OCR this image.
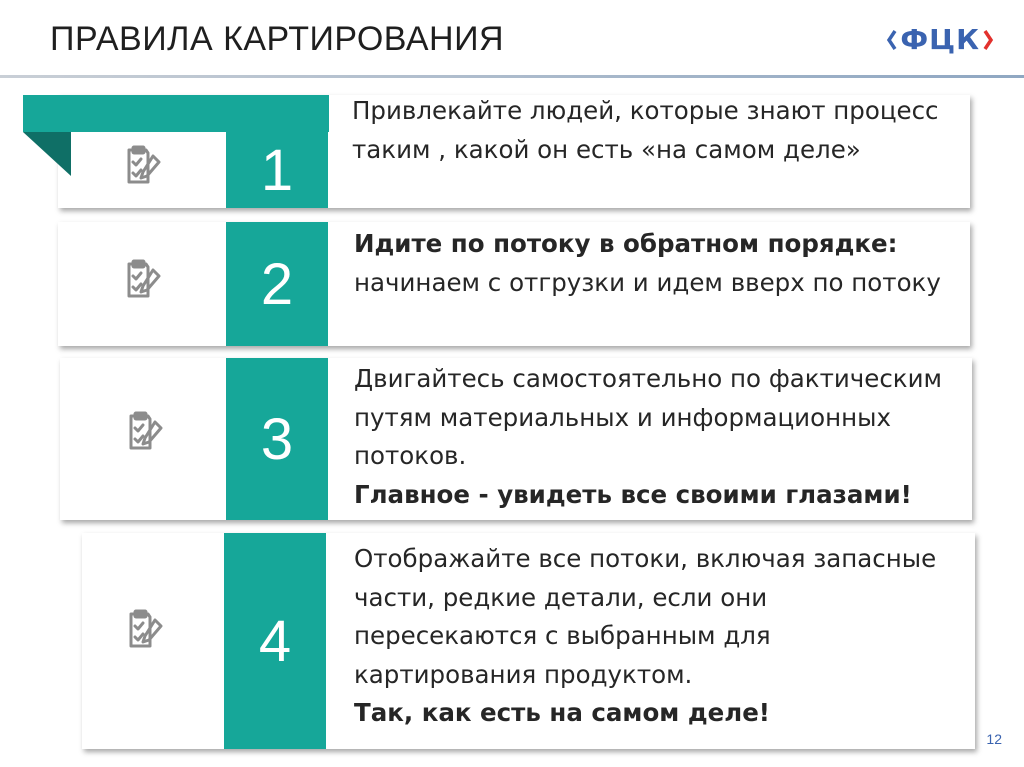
ПРАВИЛА КАРТИРОВАНИЯ	ФЦК
1
Привлекайте людей, которые знают процесс таким , какой он есть «на самом деле»
2
Идите по потоку в обратном порядке:
начинаем с отгрузки и идем вверх по потоку
3
Двигайтесь самостоятельно по фактическим путям материальных и информационных потоков.
Главное - увидеть все своими глазами!
4
Отображайте все потоки, включая запасные части, редкие детали, если они пересекаются с выбранным для картирования продуктом.
Так, как есть на самом деле!
12
